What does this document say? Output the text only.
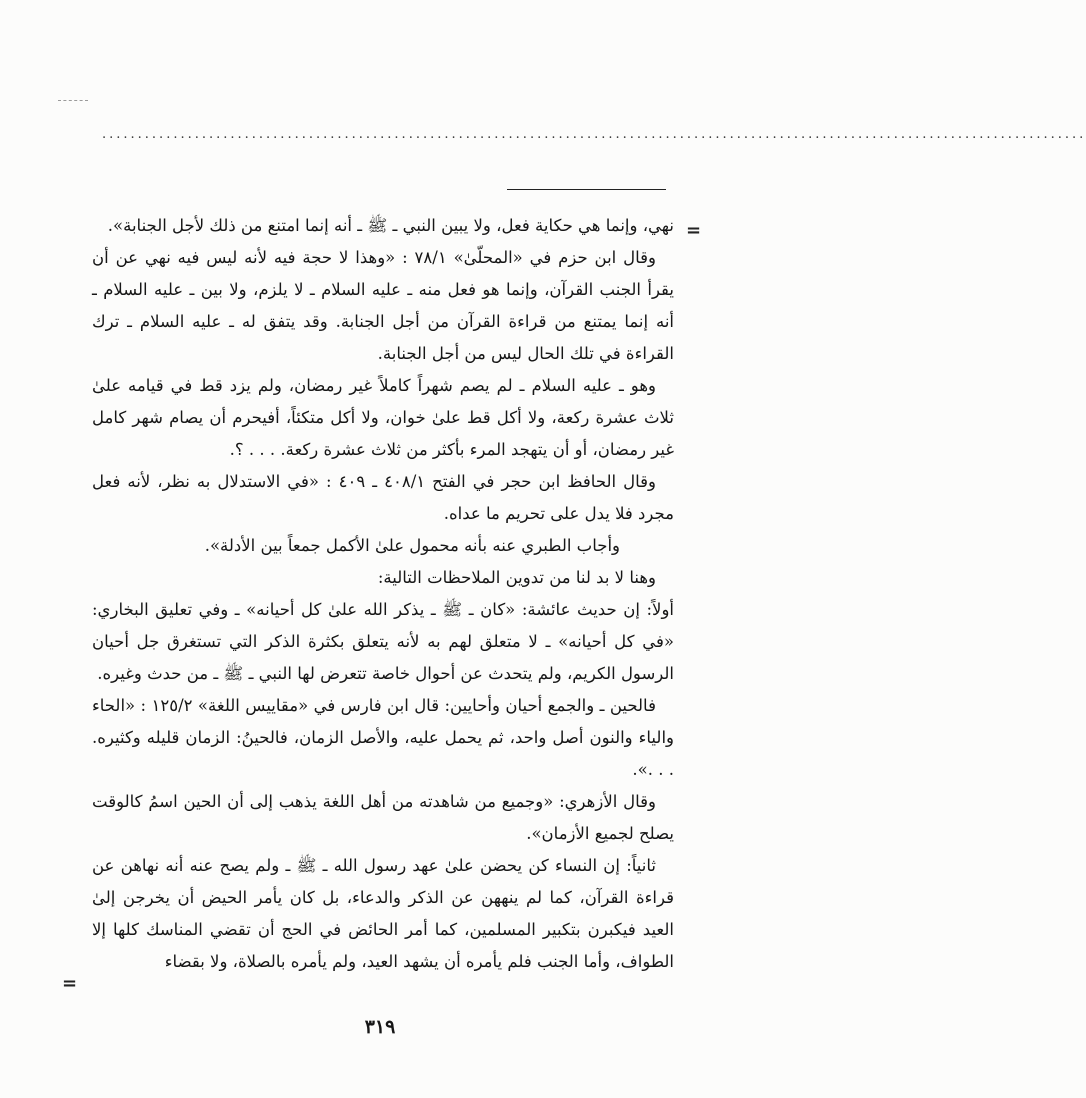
..........................................................................................................................................
=

نهي، وإنما هي حكاية فعل، ولا يبين النبي ـ ﷺ ـ أنه إنما امتنع من ذلك لأجل الجنابة».

وقال ابن حزم في «المحلّىٰ» ٧٨/١ : «وهذا لا حجة فيه لأنه ليس فيه نهي عن أن يقرأ الجنب القرآن، وإنما هو فعل منه ـ عليه السلام ـ لا يلزم، ولا بين ـ عليه السلام ـ أنه إنما يمتنع من قراءة القرآن من أجل الجنابة. وقد يتفق له ـ عليه السلام ـ ترك القراءة في تلك الحال ليس من أجل الجنابة.

وهو ـ عليه السلام ـ لم يصم شهراً كاملاً غير رمضان، ولم يزد قط في قيامه علىٰ ثلاث عشرة ركعة، ولا أكل قط علىٰ خوان، ولا أكل متكئاً، أفيحرم أن يصام شهر كامل غير رمضان، أو أن يتهجد المرء بأكثر من ثلاث عشرة ركعة. . . . ؟.

وقال الحافظ ابن حجر في الفتح ٤٠٨/١ ـ ٤٠٩ : «في الاستدلال به نظر، لأنه فعل مجرد فلا يدل على تحريم ما عداه.

وأجاب الطبري عنه بأنه محمول علىٰ الأكمل جمعاً بين الأدلة».

وهنا لا بد لنا من تدوين الملاحظات التالية:

أولاً: إن حديث عائشة: «كان ـ ﷺ ـ يذكر الله علىٰ كل أحيانه» ـ وفي تعليق البخاري: «في كل أحيانه» ـ لا متعلق لهم به لأنه يتعلق بكثرة الذكر التي تستغرق جل أحيان الرسول الكريم، ولم يتحدث عن أحوال خاصة تتعرض لها النبي ـ ﷺ ـ من حدث وغيره.

فالحين ـ والجمع أحيان وأحايين: قال ابن فارس في «مقاييس اللغة» ١٢٥/٢ : «الحاء والياء والنون أصل واحد، ثم يحمل عليه، والأصل الزمان، فالحينُ: الزمان قليله وكثيره. . . .».

وقال الأزهري: «وجميع من شاهدته من أهل اللغة يذهب إلى أن الحين اسمُ كالوقت يصلح لجميع الأزمان».

ثانياً: إن النساء كن يحضن علىٰ عهد رسول الله ـ ﷺ ـ ولم يصح عنه أنه نهاهن عن قراءة القرآن، كما لم ينههن عن الذكر والدعاء، بل كان يأمر الحيض أن يخرجن إلىٰ العيد فيكبرن بتكبير المسلمين، كما أمر الحائض في الحج أن تقضي المناسك كلها إلا الطواف، وأما الجنب فلم يأمره أن يشهد العيد، ولم يأمره بالصلاة، ولا بقضاء

=
٣١٩
